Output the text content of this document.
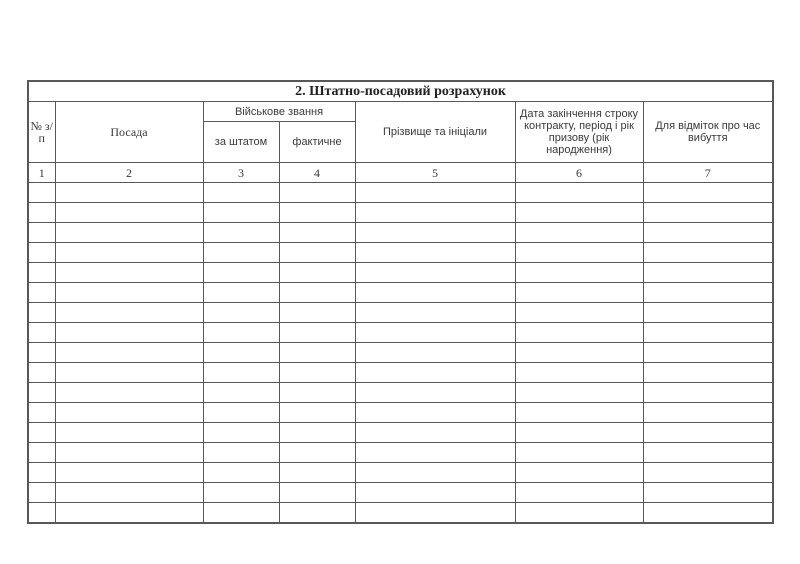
2. Штатно-посадовий розрахунок						
№ з/п	Посада	Військове звання		Прізвище та ініціали	Дата закінчення строку контракту, період і рік призову (рік народження)	Для відміток про час вибуття
		за штатом	фактичне			
1	2	3	4	5	6	7
